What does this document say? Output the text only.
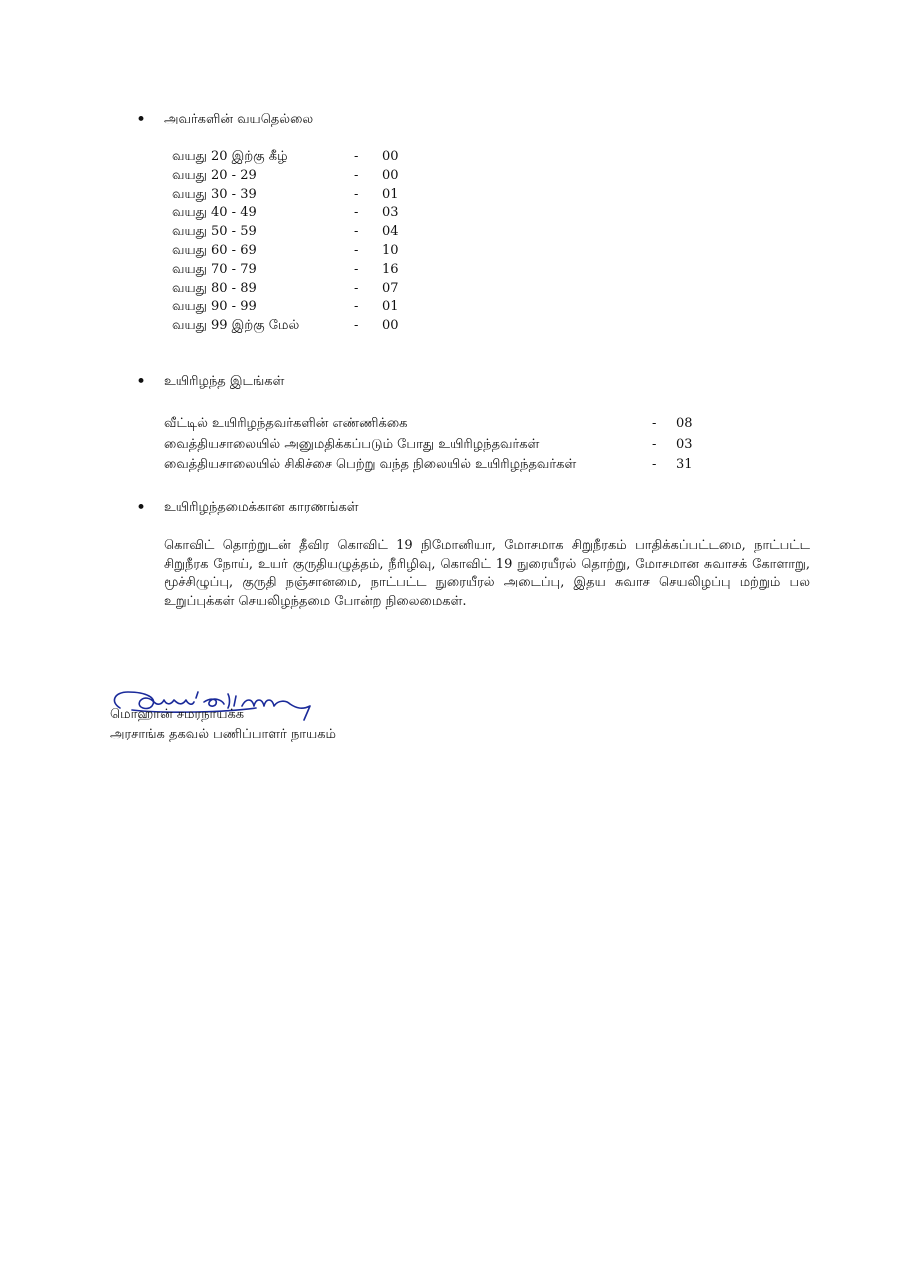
• அவர்களின் வயதெல்லை
வயது 20 இற்கு கீழ்	- 00
வயது 20 - 29	- 00
வயது 30 - 39	- 01
வயது 40 - 49	- 03
வயது 50 - 59	- 04
வயது 60 - 69	- 10
வயது 70 - 79	- 16
வயது 80 - 89	- 07
வயது 90 - 99	- 01
வயது 99 இற்கு மேல்	- 00
• உயிரிழந்த இடங்கள்
வீட்டில் உயிரிழந்தவர்களின் எண்ணிக்கை	- 08
வைத்தியசாலையில் அனுமதிக்கப்படும் போது உயிரிழந்தவர்கள்	- 03
வைத்தியசாலையில் சிகிச்சை பெற்று வந்த நிலையில் உயிரிழந்தவர்கள்	- 31
• உயிரிழந்தமைக்கான காரணங்கள்
கொவிட் தொற்றுடன் தீவிர கொவிட் 19 நிமோனியா, மோசமாக சிறுநீரகம் பாதிக்கப்பட்டமை, நாட்பட்ட சிறுநீரக நோய், உயர் குருதியழுத்தம், நீரிழிவு, கொவிட் 19 நுரையீரல் தொற்று, மோசமான சுவாசக் கோளாறு, மூச்சிழுப்பு, குருதி நஞ்சானமை, நாட்பட்ட நுரையீரல் அடைப்பு, இதய சுவாச செயலிழப்பு மற்றும் பல உறுப்புக்கள் செயலிழந்தமை போன்ற நிலைமைகள்.
மொஹான் சமரநாயக்க
அரசாங்க தகவல் பணிப்பாளர் நாயகம்
